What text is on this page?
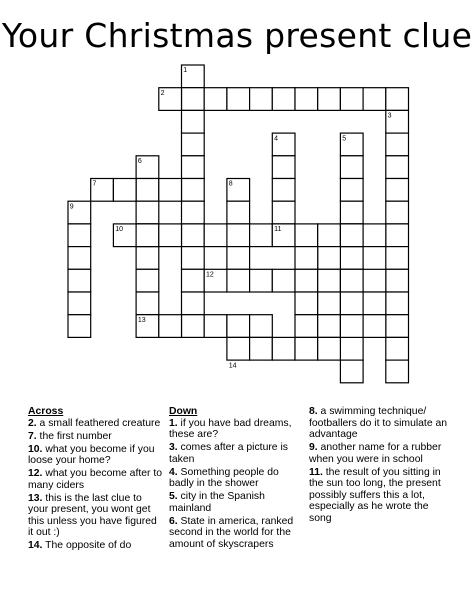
Your Christmas present clue
1
2
3
4	5
6
7	8
9
10	11
12
13
14
Across
2. a small feathered creature
7. the first number
10. what you become if you loose your home?
12. what you become after to many ciders
13. this is the last clue to your present, you wont get this unless you have figured it out :)
14. The opposite of do
Down
1. if you have bad dreams, these are?
3. comes after a picture is taken
4. Something people do badly in the shower
5. city in the Spanish mainland
6. State in america, ranked second in the world for the amount of skyscrapers
8. a swimming technique/ footballers do it to simulate an advantage
9. another name for a rubber when you were in school
11. the result of you sitting in the sun too long, the present possibly suffers this a lot, especially as he wrote the song
